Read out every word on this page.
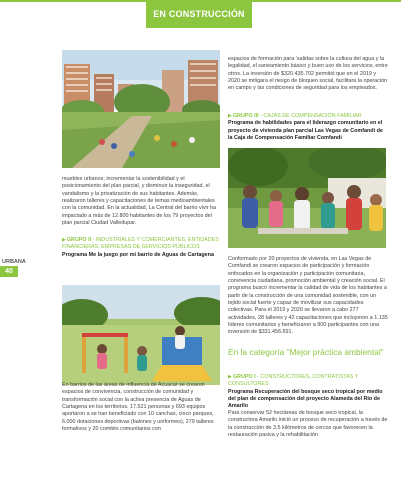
EN CONSTRUCCIÓN
URBANA
40
espacios de formación para ‘salidas sobre la cultura del agua y la legalidad, el saneamiento básico y buen uso de los servicios, entre otros. La inversión de $320.435.702 permitió que en el 2019 y 2020 se mitigara el riesgo de bloqueo social, facilitara la operación en campo y las condiciones de seguridad para los empleados.
▶GRUPO III - CAJAS DE COMPENSACIÓN FAMILIAR
Programa de habilidades para el liderazgo comunitario en el proyecto de vivienda plan parcial Las Vegas de Comfandi de la Caja de Compensación Familiar Comfandi
muebles urbanos; incrementar la sostenibilidad y el posicionamiento del plan parcial, y disminuir la inseguridad, el vandalismo y la privatización de sus habitantes. Además, realizaron talleres y capacitaciones de temas medioambientales con la comunidad. En la actualidad, La Central del barrio vivir ha impactado a más de 12.800 habitantes de los 79 proyectos del plan parcial Ciudad Valledupar.
▶GRUPO II - INDUSTRIALES Y COMERCIANTES, ENTIDADES FINANCIERAS, EMPRESAS DE SERVICIOS PÚBLICOS
Programa Me la juego por mi barrio de Aguas de Cartagena
Conformado por 20 proyectos de vivienda, en Las Vegas de Comfandi se crearon espacios de participación y formación enfocados en la organización y participación comunitaria, convivencia ciudadana, promoción ambiental y creación social. El programa buscó incrementar la calidad de vida de los habitantes a partir de la construcción de una comunidad sostenible, con un tejido social fuerte y capaz de movilizar sus capacidades colectivas. Para el 2019 y 2020 se llevaron a cabo 277 actividades, 28 talleres y 42 capacitaciones que incluyeron a 1.135 líderes comunitarios y beneficiaron a 900 participantes con una inversión de $331.456.691.
En la categoría “Mejor práctica ambiental”
▶GRUPO I - CONSTRUCTORES, CONTRATISTAS Y CONSULTORES
Programa Recuperación del bosque seco tropical por medio del plan de compensación del proyecto Alameda del Río de Amarilo
En barrios de las áreas de influencia de Acuacar se crearon espacios de convivencia, construcción de comunidad y transformación social con la activa presencia de Aguas de Cartagena en los territorios. 17.521 personas y 693 equipos aportaron a se han beneficiado con 10 canchas, cinco parques, 6.000 dotaciones deportivas (balones y uniformes), 279 talleres formativos y 20 comités comunitarios con
Para conservar 52 hectáreas de bosque seco tropical, la constructora Amarilo inició un proceso de recuperación a través de la construcción de 3,5 kilómetros de cercos que favorecen la restauración pasiva y la rehabilitación
